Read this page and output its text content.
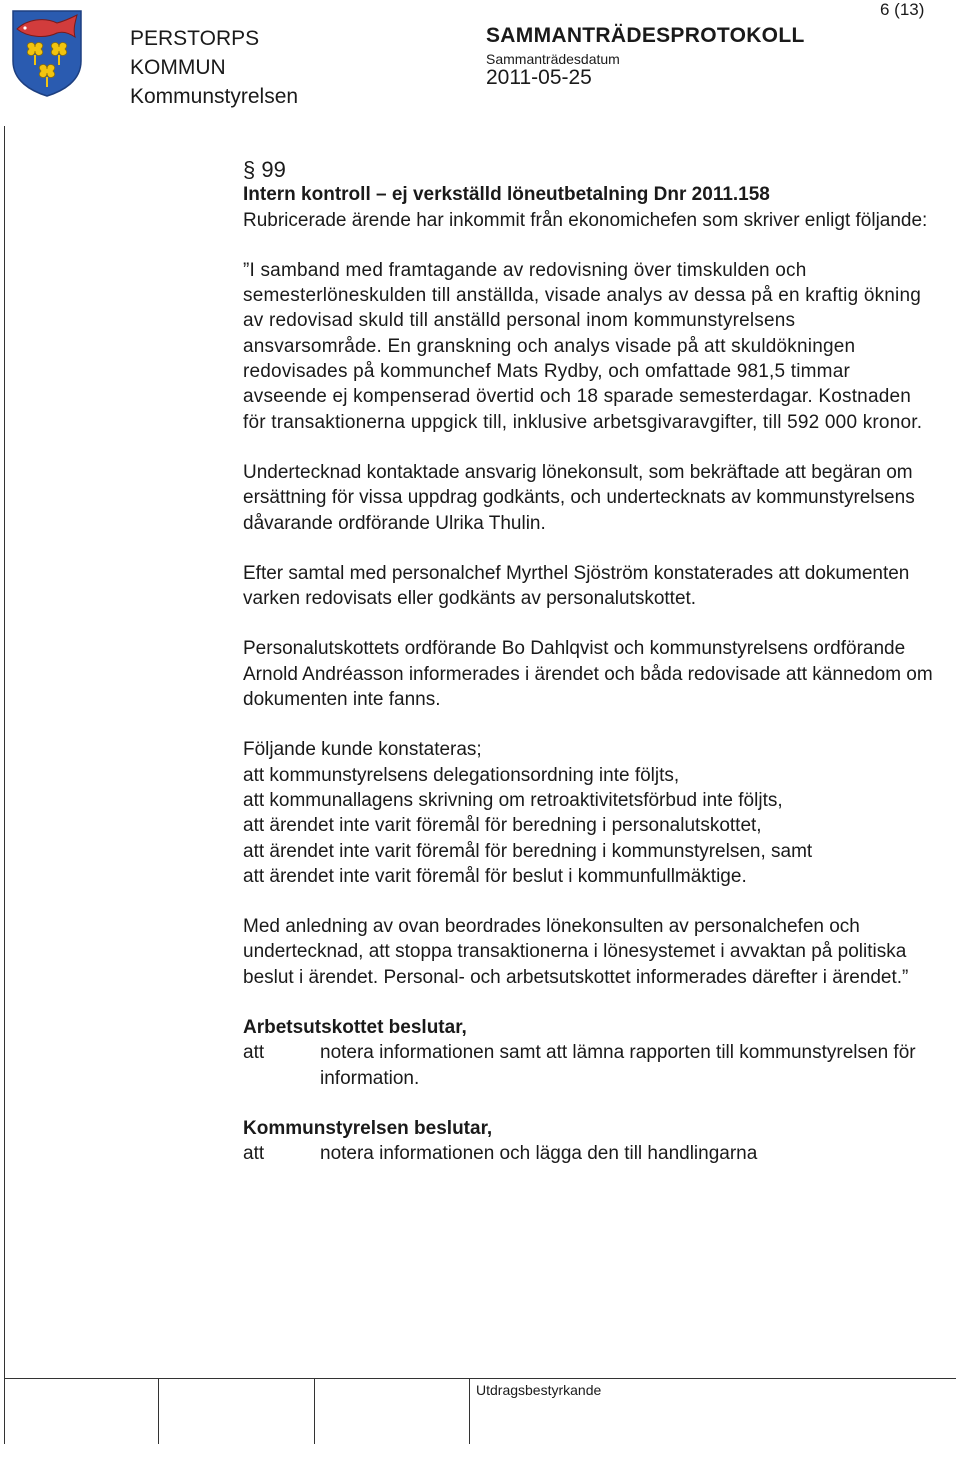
PERSTORPS
KOMMUN
Kommunstyrelsen
SAMMANTRÄDESPROTOKOLL
Sammanträdesdatum
2011-05-25
6 (13)
Utdragsbestyrkande

§ 99

Intern kontroll – ej verkställd löneutbetalning Dnr 2011.158

Rubricerade ärende har inkommit från ekonomichefen som skriver enligt följande:

”I samband med framtagande av redovisning över timskulden och semesterlöneskulden till anställda, visade analys av dessa på en kraftig ökning av redovisad skuld till anställd personal inom kommunstyrelsens ansvarsområde. En granskning och analys visade på att skuldökningen redovisades på kommunchef Mats Rydby, och omfattade 981,5 timmar avseende ej kompenserad övertid och 18 sparade semesterdagar. Kostnaden för transaktionerna uppgick till, inklusive arbetsgivaravgifter, till 592 000 kronor.

Undertecknad kontaktade ansvarig lönekonsult, som bekräftade att begäran om ersättning för vissa uppdrag godkänts, och undertecknats av kommunstyrelsens dåvarande ordförande Ulrika Thulin.

Efter samtal med personalchef Myrthel Sjöström konstaterades att dokumenten varken redovisats eller godkänts av personalutskottet.

Personalutskottets ordförande Bo Dahlqvist och kommunstyrelsens ordförande Arnold Andréasson informerades i ärendet och båda redovisade att kännedom om dokumenten inte fanns.

Följande kunde konstateras;

att kommunstyrelsens delegationsordning inte följts,

att kommunallagens skrivning om retroaktivitetsförbud inte följts,

att ärendet inte varit föremål för beredning i personalutskottet,

att ärendet inte varit föremål för beredning i kommunstyrelsen, samt

att ärendet inte varit föremål för beslut i kommunfullmäktige.

Med anledning av ovan beordrades lönekonsulten av personalchefen och undertecknad, att stoppa transaktionerna i lönesystemet i avvaktan på politiska beslut i ärendet. Personal- och arbetsutskottet informerades därefter i ärendet.”

Arbetsutskottet beslutar,

att	notera informationen samt att lämna rapporten till kommunstyrelsen för information.

Kommunstyrelsen beslutar,

att	notera informationen och lägga den till handlingarna
